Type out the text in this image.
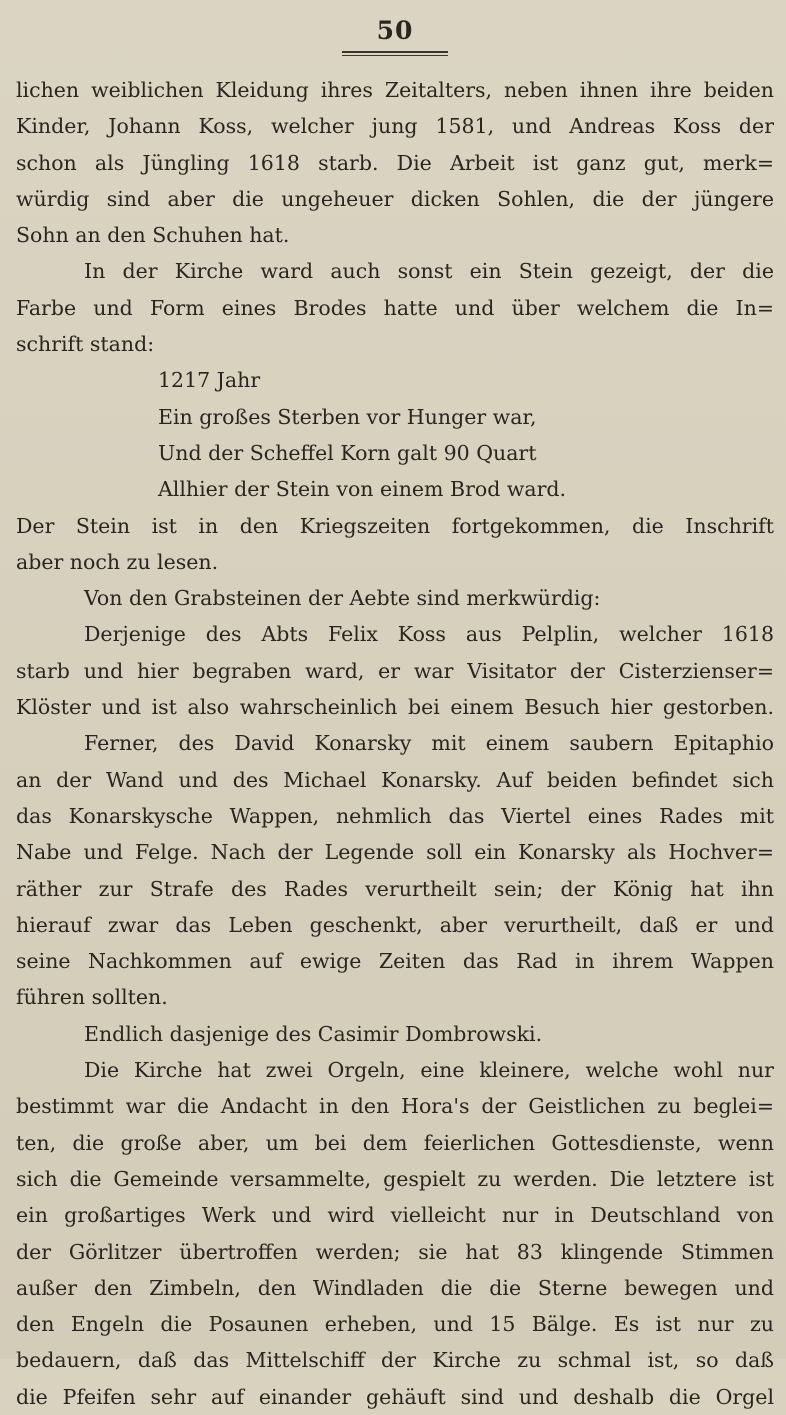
50
lichen weiblichen Kleidung ihres Zeitalters, neben ihnen ihre beiden
Kinder, Johann Koss, welcher jung 1581, und Andreas Koss der
schon als Jüngling 1618 starb. Die Arbeit ist ganz gut, merk=
würdig sind aber die ungeheuer dicken Sohlen, die der jüngere
Sohn an den Schuhen hat.
In der Kirche ward auch sonst ein Stein gezeigt, der die
Farbe und Form eines Brodes hatte und über welchem die In=
schrift stand:
1217 Jahr
Ein großes Sterben vor Hunger war,
Und der Scheffel Korn galt 90 Quart
Allhier der Stein von einem Brod ward.
Der Stein ist in den Kriegszeiten fortgekommen, die Inschrift
aber noch zu lesen.
Von den Grabsteinen der Aebte sind merkwürdig:
Derjenige des Abts Felix Koss aus Pelplin, welcher 1618
starb und hier begraben ward, er war Visitator der Cisterzienser=
Klöster und ist also wahrscheinlich bei einem Besuch hier gestorben.
Ferner, des David Konarsky mit einem saubern Epitaphio
an der Wand und des Michael Konarsky. Auf beiden befindet sich
das Konarskysche Wappen, nehmlich das Viertel eines Rades mit
Nabe und Felge. Nach der Legende soll ein Konarsky als Hochver=
räther zur Strafe des Rades verurtheilt sein; der König hat ihn
hierauf zwar das Leben geschenkt, aber verurtheilt, daß er und
seine Nachkommen auf ewige Zeiten das Rad in ihrem Wappen
führen sollten.
Endlich dasjenige des Casimir Dombrowski.
Die Kirche hat zwei Orgeln, eine kleinere, welche wohl nur
bestimmt war die Andacht in den Hora's der Geistlichen zu beglei=
ten, die große aber, um bei dem feierlichen Gottesdienste, wenn
sich die Gemeinde versammelte, gespielt zu werden. Die letztere ist
ein großartiges Werk und wird vielleicht nur in Deutschland von
der Görlitzer übertroffen werden; sie hat 83 klingende Stimmen
außer den Zimbeln, den Windladen die die Sterne bewegen und
den Engeln die Posaunen erheben, und 15 Bälge. Es ist nur zu
bedauern, daß das Mittelschiff der Kirche zu schmal ist, so daß
die Pfeifen sehr auf einander gehäuft sind und deshalb die Orgel
